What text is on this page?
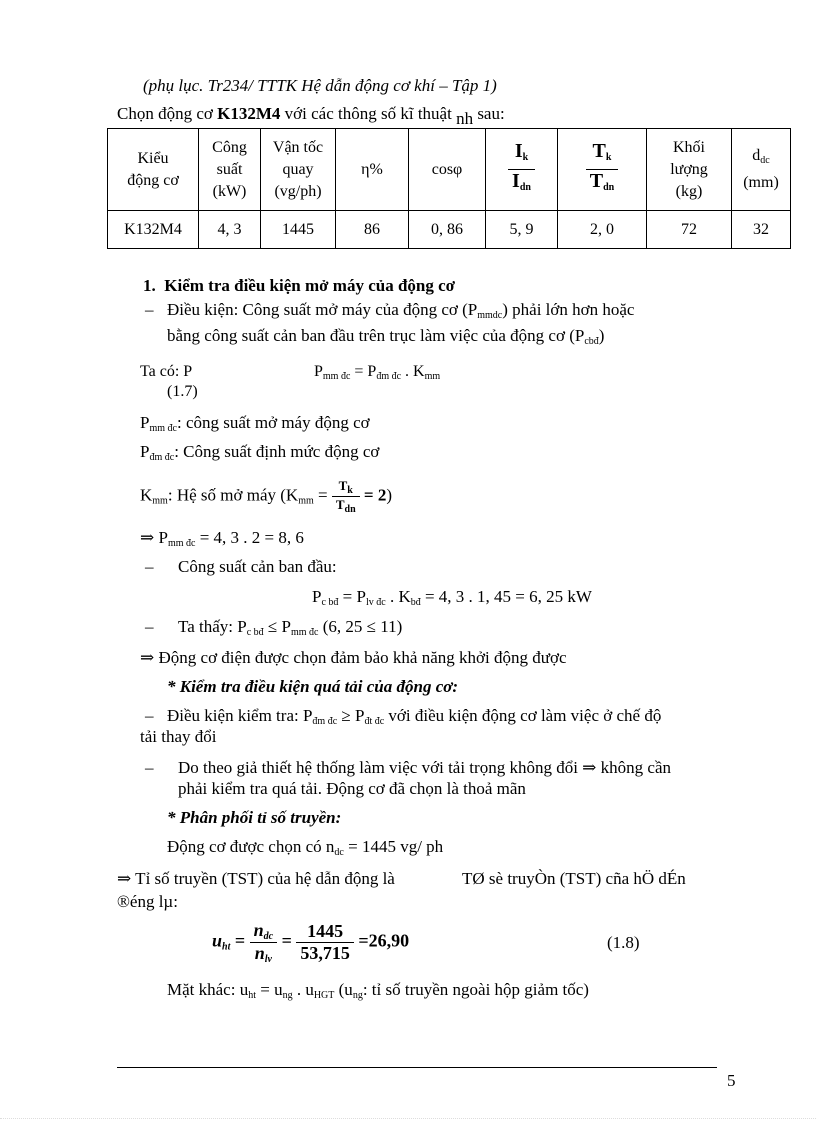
(phụ lục. Tr234/ TTTK Hệ dẫn động cơ khí – Tập 1)
Chọn động cơ K132M4 với các thông số kĩ thuật nh sau:
Kiểu
động cơ	Công
suất
(kW)	Vận tốc
quay
(vg/ph)	η%	cosφ	$\frac{I_k}{I_{dn}}$	$\frac{T_k}{T_{dn}}$	Khối
lượng
(kg)	$d_{dc}$
(mm)
K132M4	4, 3	1445	86	0, 86	5, 9	2, 0	72	32
1. Kiểm tra điều kiện mở máy của động cơ
– Điều kiện: Công suất mở máy của động cơ $(P_{mmdc})$ phải lớn hơn hoặc
bằng công suất cản ban đầu trên trục làm việc của động cơ $(P_{cbđ})$
Ta có: P	$P_{mm đc} = P_{đm đc}$ . $K_{mm}$
(1.7)
$P_{mm đc}$: công suất mở máy động cơ
$P_{đm đc}$: Công suất định mức động cơ
$K_{mm}$: Hệ số mở máy $(K_{mm} = \frac{T_k}{T_{dn}} = 2)$
⇒ $P_{mm đc} = 4$, 3 . 2 = 8, 6
– Công suất cản ban đầu:
$P_{c bđ} = P_{lv đc}$ . $K_{bđ} = 4$, 3 . 1, 45 = 6, 25 kW
– Ta thấy: $P_{c bđ} \le P_{mm đc}$ (6, 25 ≤ 11)
⇒ Động cơ điện được chọn đảm bảo khả năng khởi động được
* Kiểm tra điều kiện quá tải của động cơ:
– Điều kiện kiểm tra: $P_{đm đc} \ge P_{đt đc}$ với điều kiện động cơ làm việc ở chế độ
tải thay đổi
– Do theo giả thiết hệ thống làm việc với tải trọng không đổi ⇒ không cần
phải kiểm tra quá tải. Động cơ đã chọn là thoả mãn
* Phân phối tỉ số truyền:
Động cơ được chọn có $n_{dc} = 1445$ vg/ ph
⇒ Tỉ số truyền (TST) của hệ dẫn động là	TØ sè truyÒn (TST) cña hÖ dÉn
®éng lµ:
$u_{ht} = \frac{n_{dc}}{n_{lv}} = \frac{1445}{53,715} =26,90$	(1.8)
Mặt khác: $u_{ht} = u_{ng}$ . $u_{HGT}$ ($u_{ng}$: tỉ số truyền ngoài hộp giảm tốc)
5
